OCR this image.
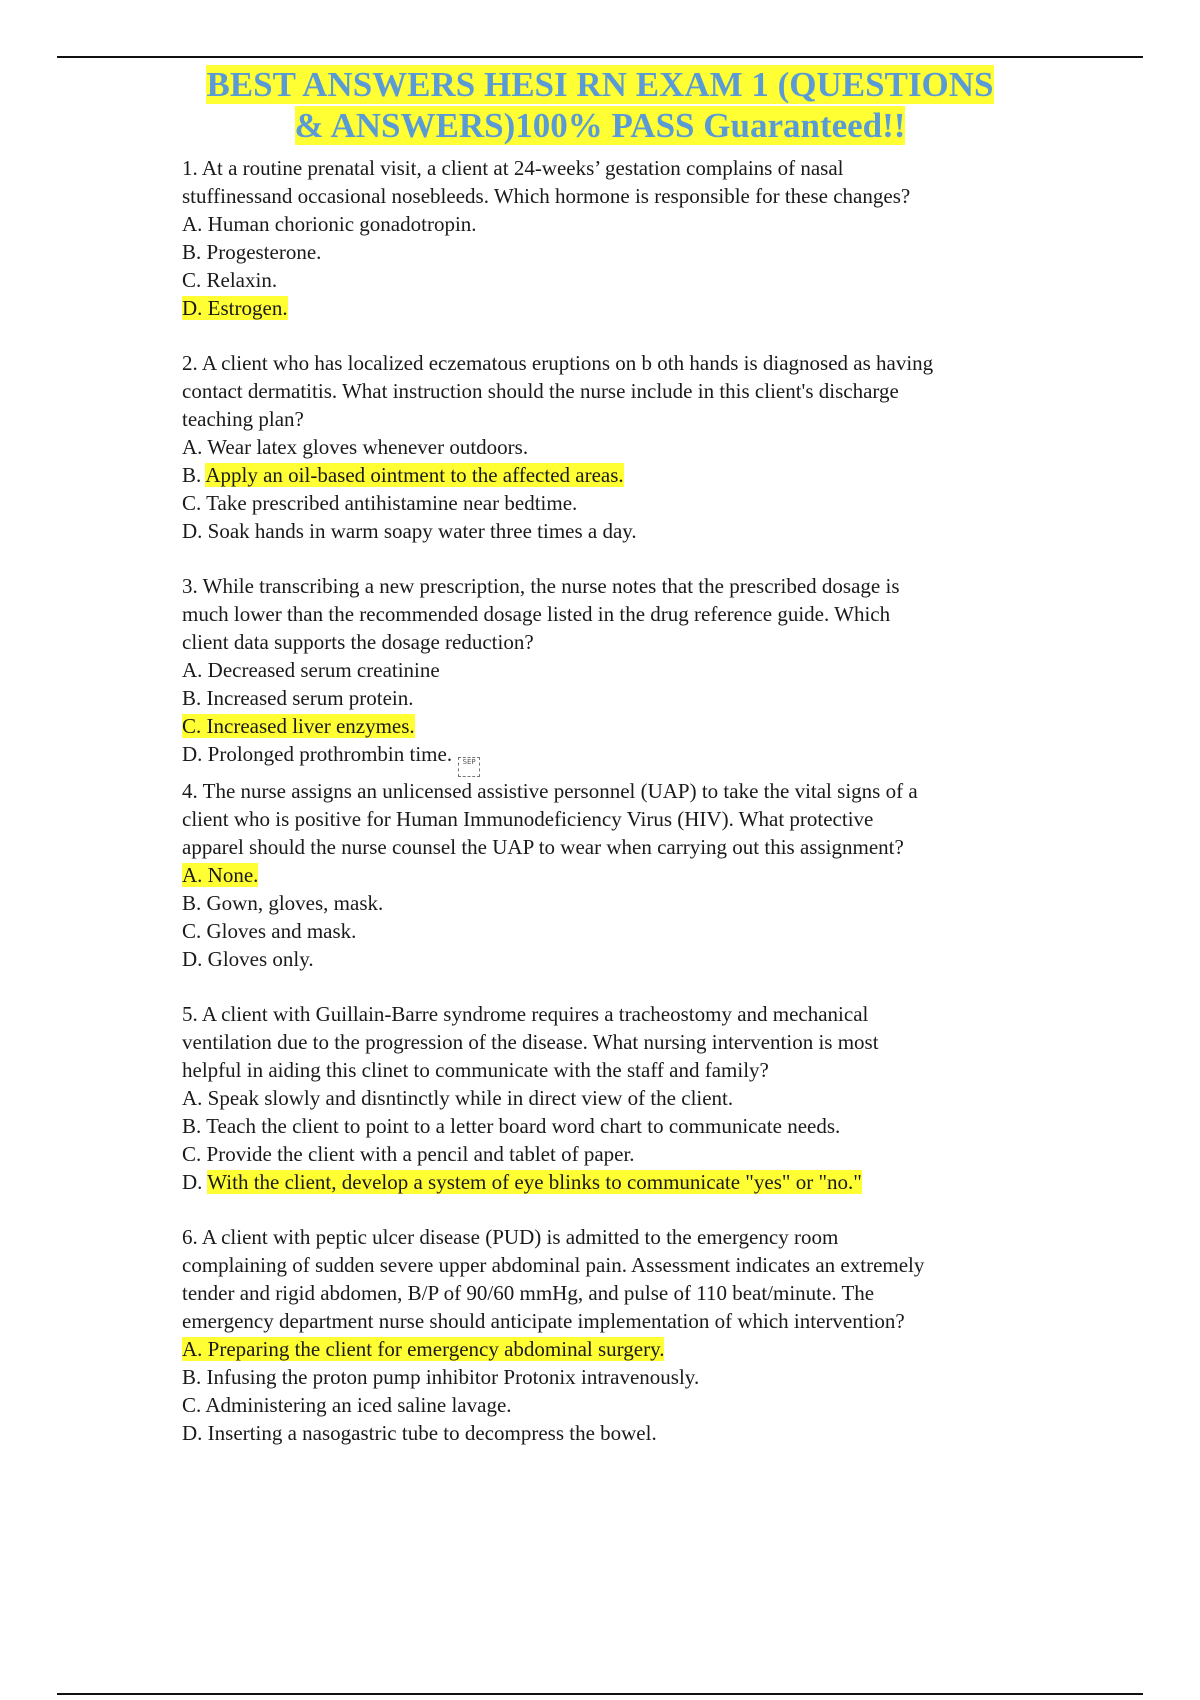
BEST ANSWERS HESI RN EXAM 1 (QUESTIONS
& ANSWERS)100% PASS Guaranteed!!

1. At a routine prenatal visit, a client at 24-weeks’ gestation complains of nasal
stuffinessand occasional nosebleeds. Which hormone is responsible for these changes?

A. Human chorionic gonadotropin.

B. Progesterone.

C. Relaxin.

D. Estrogen.

2. A client who has localized eczematous eruptions on b oth hands is diagnosed as having
contact dermatitis. What instruction should the nurse include in this client's discharge
teaching plan?

A. Wear latex gloves whenever outdoors.

B. Apply an oil-based ointment to the affected areas.

C. Take prescribed antihistamine near bedtime.

D. Soak hands in warm soapy water three times a day.

3. While transcribing a new prescription, the nurse notes that the prescribed dosage is
much lower than the recommended dosage listed in the drug reference guide. Which
client data supports the dosage reduction?

A. Decreased serum creatinine

B. Increased serum protein.

C. Increased liver enzymes.

D. Prolonged prothrombin time. SEP

4. The nurse assigns an unlicensed assistive personnel (UAP) to take the vital signs of a
client who is positive for Human Immunodeficiency Virus (HIV). What protective
apparel should the nurse counsel the UAP to wear when carrying out this assignment?

A. None.

B. Gown, gloves, mask.

C. Gloves and mask.

D. Gloves only.

5. A client with Guillain-Barre syndrome requires a tracheostomy and mechanical
ventilation due to the progression of the disease. What nursing intervention is most
helpful in aiding this clinet to communicate with the staff and family?

A. Speak slowly and disntinctly while in direct view of the client.

B. Teach the client to point to a letter board word chart to communicate needs.

C. Provide the client with a pencil and tablet of paper.

D. With the client, develop a system of eye blinks to communicate "yes" or "no."

6. A client with peptic ulcer disease (PUD) is admitted to the emergency room
complaining of sudden severe upper abdominal pain. Assessment indicates an extremely
tender and rigid abdomen, B/P of 90/60 mmHg, and pulse of 110 beat/minute. The
emergency department nurse should anticipate implementation of which intervention?

A. Preparing the client for emergency abdominal surgery.

B. Infusing the proton pump inhibitor Protonix intravenously.

C. Administering an iced saline lavage.

D. Inserting a nasogastric tube to decompress the bowel.
